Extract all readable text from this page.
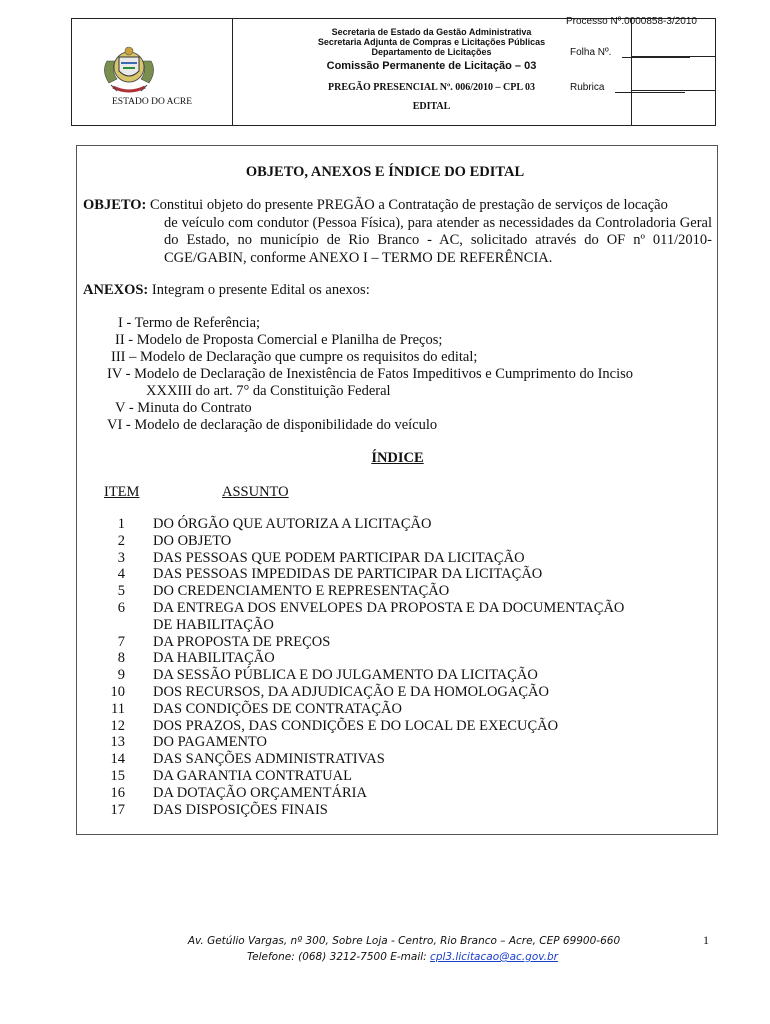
ESTADO DO ACRE
Secretaria de Estado da Gestão Administrativa
Secretaria Adjunta de Compras e Licitações Públicas
Departamento de Licitações
Comissão Permanente de Licitação – 03
PREGÃO PRESENCIAL Nº. 006/2010 – CPL 03
EDITAL
Processo Nº.0000858-3/2010
Folha Nº.
Rubrica
OBJETO, ANEXOS E ÍNDICE DO EDITAL
OBJETO: Constitui objeto do presente PREGÃO a Contratação de prestação de serviços de locação
de veículo com condutor (Pessoa Física), para atender as necessidades da Controladoria Geral do Estado, no município de Rio Branco - AC, solicitado através do OF nº 011/2010-CGE/GABIN, conforme ANEXO I – TERMO DE REFERÊNCIA.
ANEXOS: Integram o presente Edital os anexos:
I - Termo de Referência;
II - Modelo de Proposta Comercial e Planilha de Preços;
III – Modelo de Declaração que cumpre os requisitos do edital;
IV - Modelo de Declaração de Inexistência de Fatos Impeditivos e Cumprimento do Inciso
XXXIII do art. 7° da Constituição Federal
V - Minuta do Contrato
VI - Modelo de declaração de disponibilidade do veículo
ÍNDICE
ITEM	ASSUNTO
1 DO ÓRGÃO QUE AUTORIZA A LICITAÇÃO
2 DO OBJETO
3 DAS PESSOAS QUE PODEM PARTICIPAR DA LICITAÇÃO
4 DAS PESSOAS IMPEDIDAS DE PARTICIPAR DA LICITAÇÃO
5 DO CREDENCIAMENTO E REPRESENTAÇÃO
6 DA ENTREGA DOS ENVELOPES DA PROPOSTA E DA DOCUMENTAÇÃO
DE HABILITAÇÃO
7 DA PROPOSTA DE PREÇOS
8 DA HABILITAÇÃO
9 DA SESSÃO PÚBLICA E DO JULGAMENTO DA LICITAÇÃO
10 DOS RECURSOS, DA ADJUDICAÇÃO E DA HOMOLOGAÇÃO
11 DAS CONDIÇÕES DE CONTRATAÇÃO
12 DOS PRAZOS, DAS CONDIÇÕES E DO LOCAL DE EXECUÇÃO
13 DO PAGAMENTO
14 DAS SANÇÕES ADMINISTRATIVAS
15 DA GARANTIA CONTRATUAL
16 DA DOTAÇÃO ORÇAMENTÁRIA
17 DAS DISPOSIÇÕES FINAIS
Av. Getúlio Vargas, nº 300, Sobre Loja - Centro, Rio Branco – Acre, CEP 69900-660
Telefone: (068) 3212-7500 E-mail: cpl3.licitacao@ac.gov.br
1
